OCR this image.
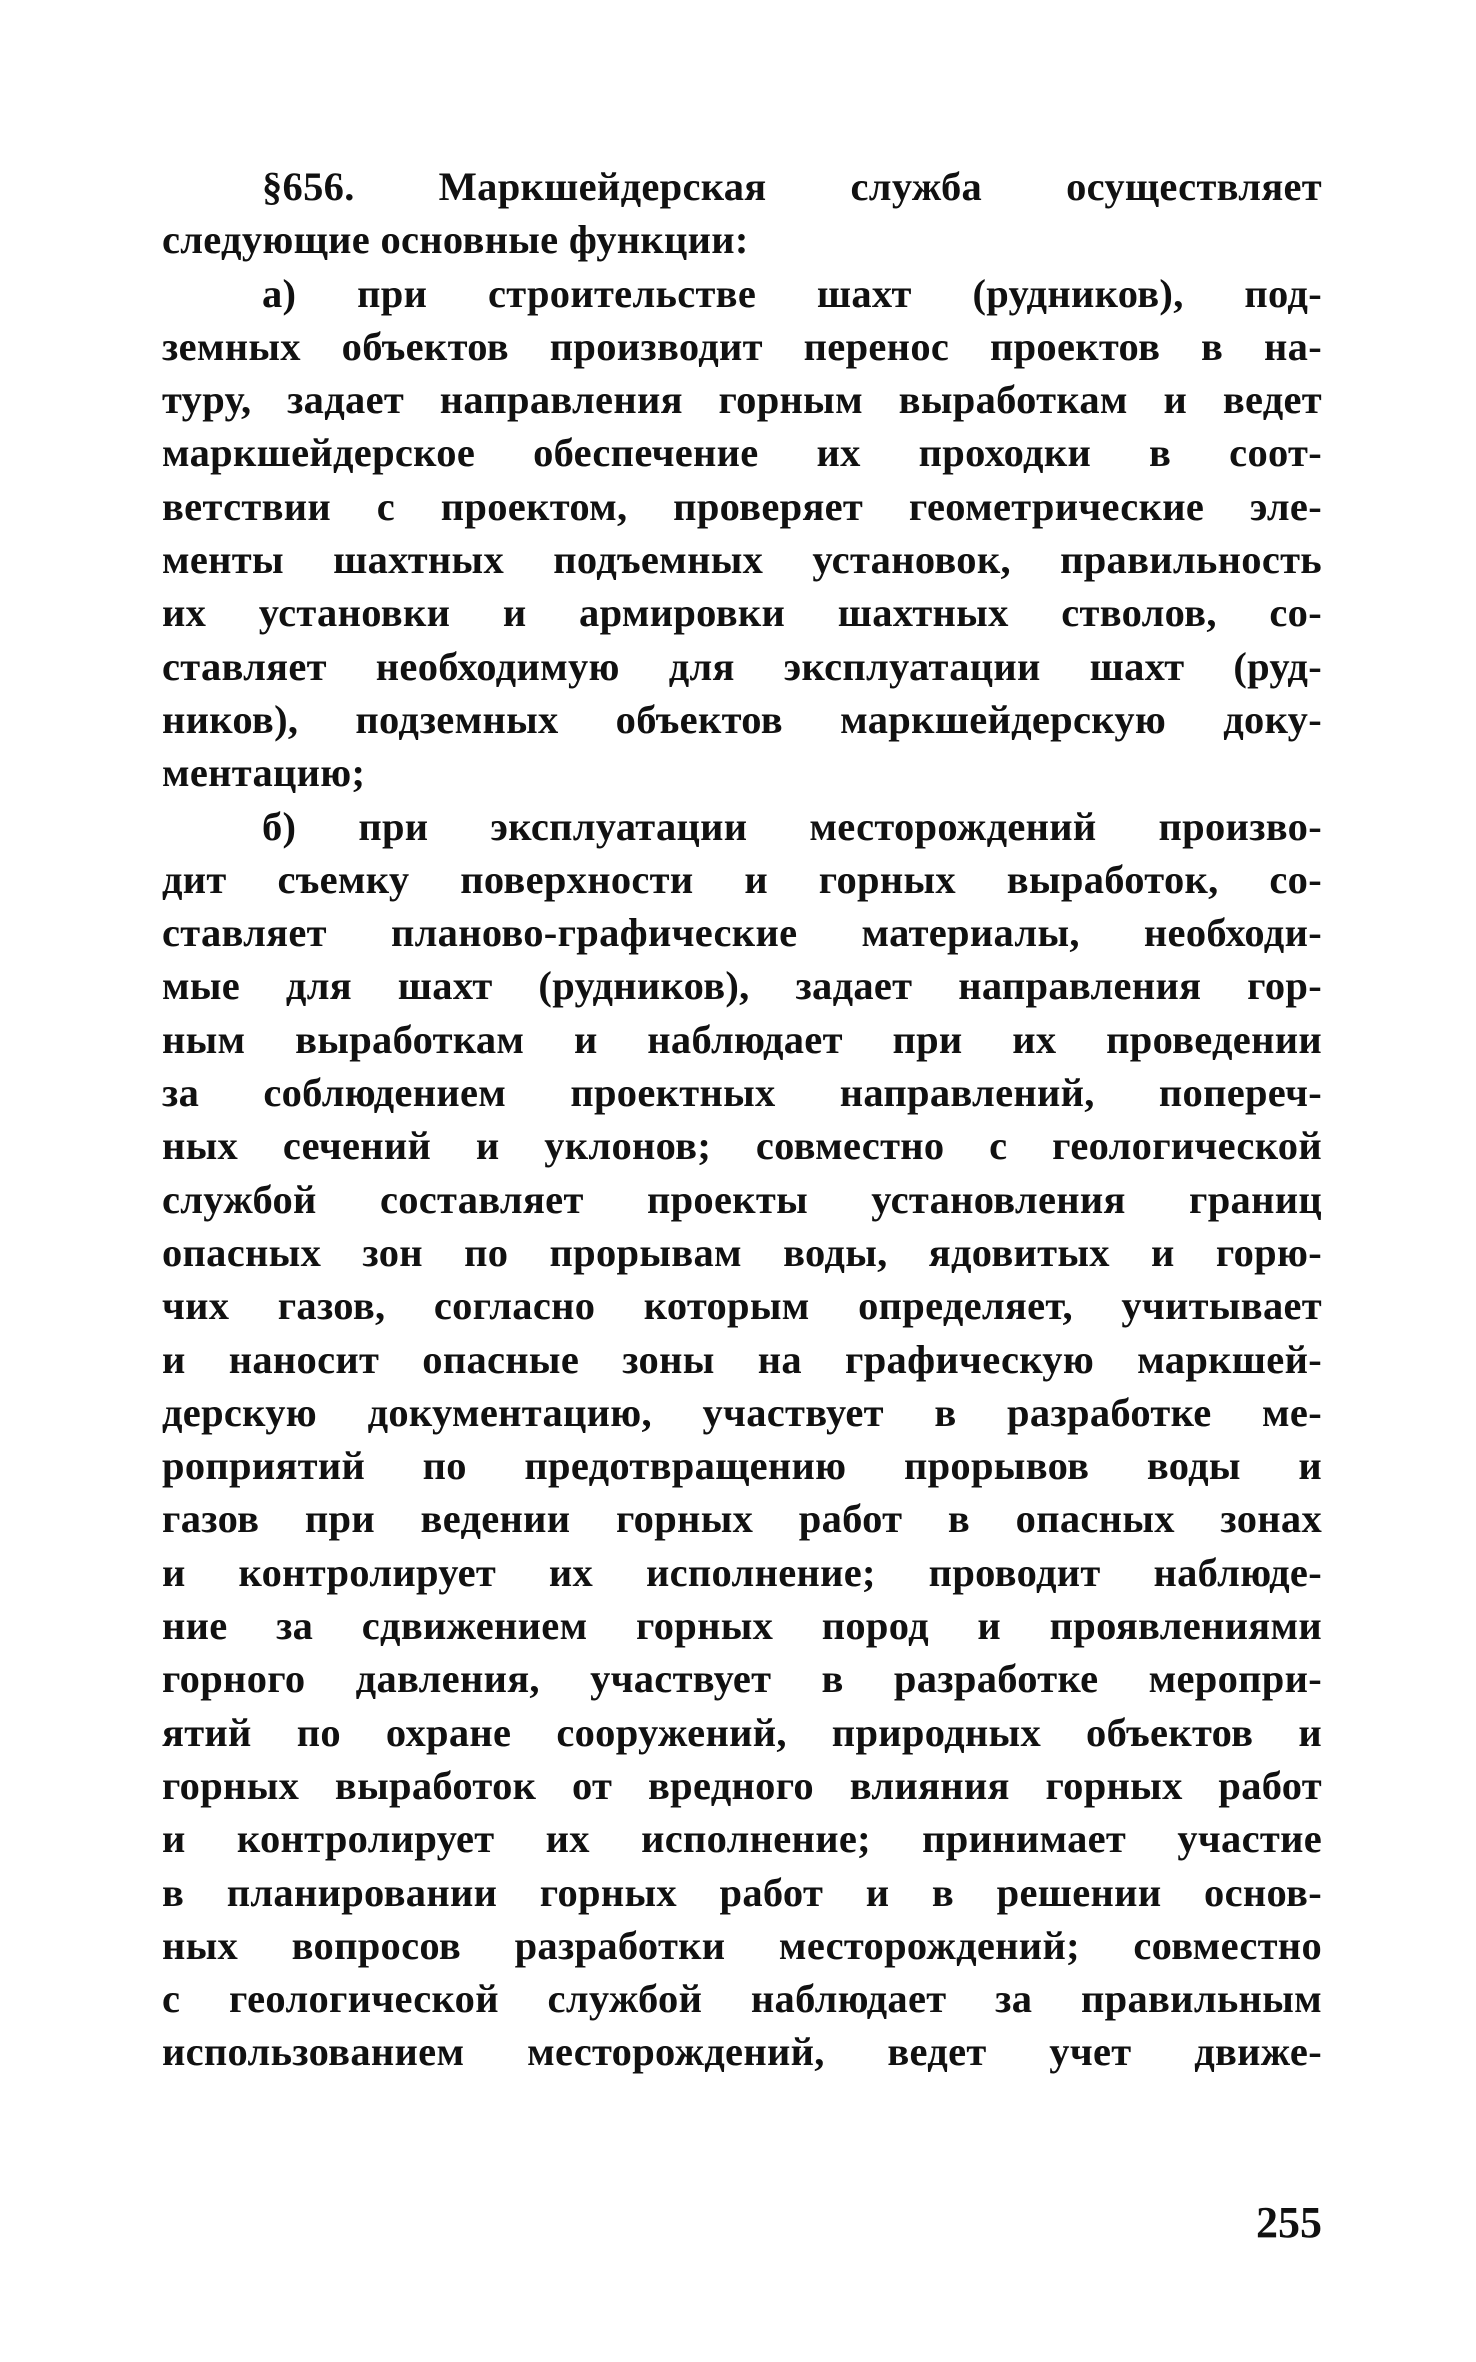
§656. Маркшейдерская служба осуществляет
следующие основные функции:
а) при строительстве шахт (рудников), под-
земных объектов производит перенос проектов в на-
туру, задает направления горным выработкам и ведет
маркшейдерское обеспечение их проходки в соот-
ветствии с проектом, проверяет геометрические эле-
менты шахтных подъемных установок, правильность
их установки и армировки шахтных стволов, со-
ставляет необходимую для эксплуатации шахт (руд-
ников), подземных объектов маркшейдерскую доку-
ментацию;
б) при эксплуатации месторождений произво-
дит съемку поверхности и горных выработок, со-
ставляет планово-графические материалы, необходи-
мые для шахт (рудников), задает направления гор-
ным выработкам и наблюдает при их проведении
за соблюдением проектных направлений, попереч-
ных сечений и уклонов; совместно с геологической
службой составляет проекты установления границ
опасных зон по прорывам воды, ядовитых и горю-
чих газов, согласно которым определяет, учитывает
и наносит опасные зоны на графическую маркшей-
дерскую документацию, участвует в разработке ме-
роприятий по предотвращению прорывов воды и
газов при ведении горных работ в опасных зонах
и контролирует их исполнение; проводит наблюде-
ние за сдвижением горных пород и проявлениями
горного давления, участвует в разработке меропри-
ятий по охране сооружений, природных объектов и
горных выработок от вредного влияния горных работ
и контролирует их исполнение; принимает участие
в планировании горных работ и в решении основ-
ных вопросов разработки месторождений; совместно
с геологической службой наблюдает за правильным
использованием месторождений, ведет учет движе-
255
